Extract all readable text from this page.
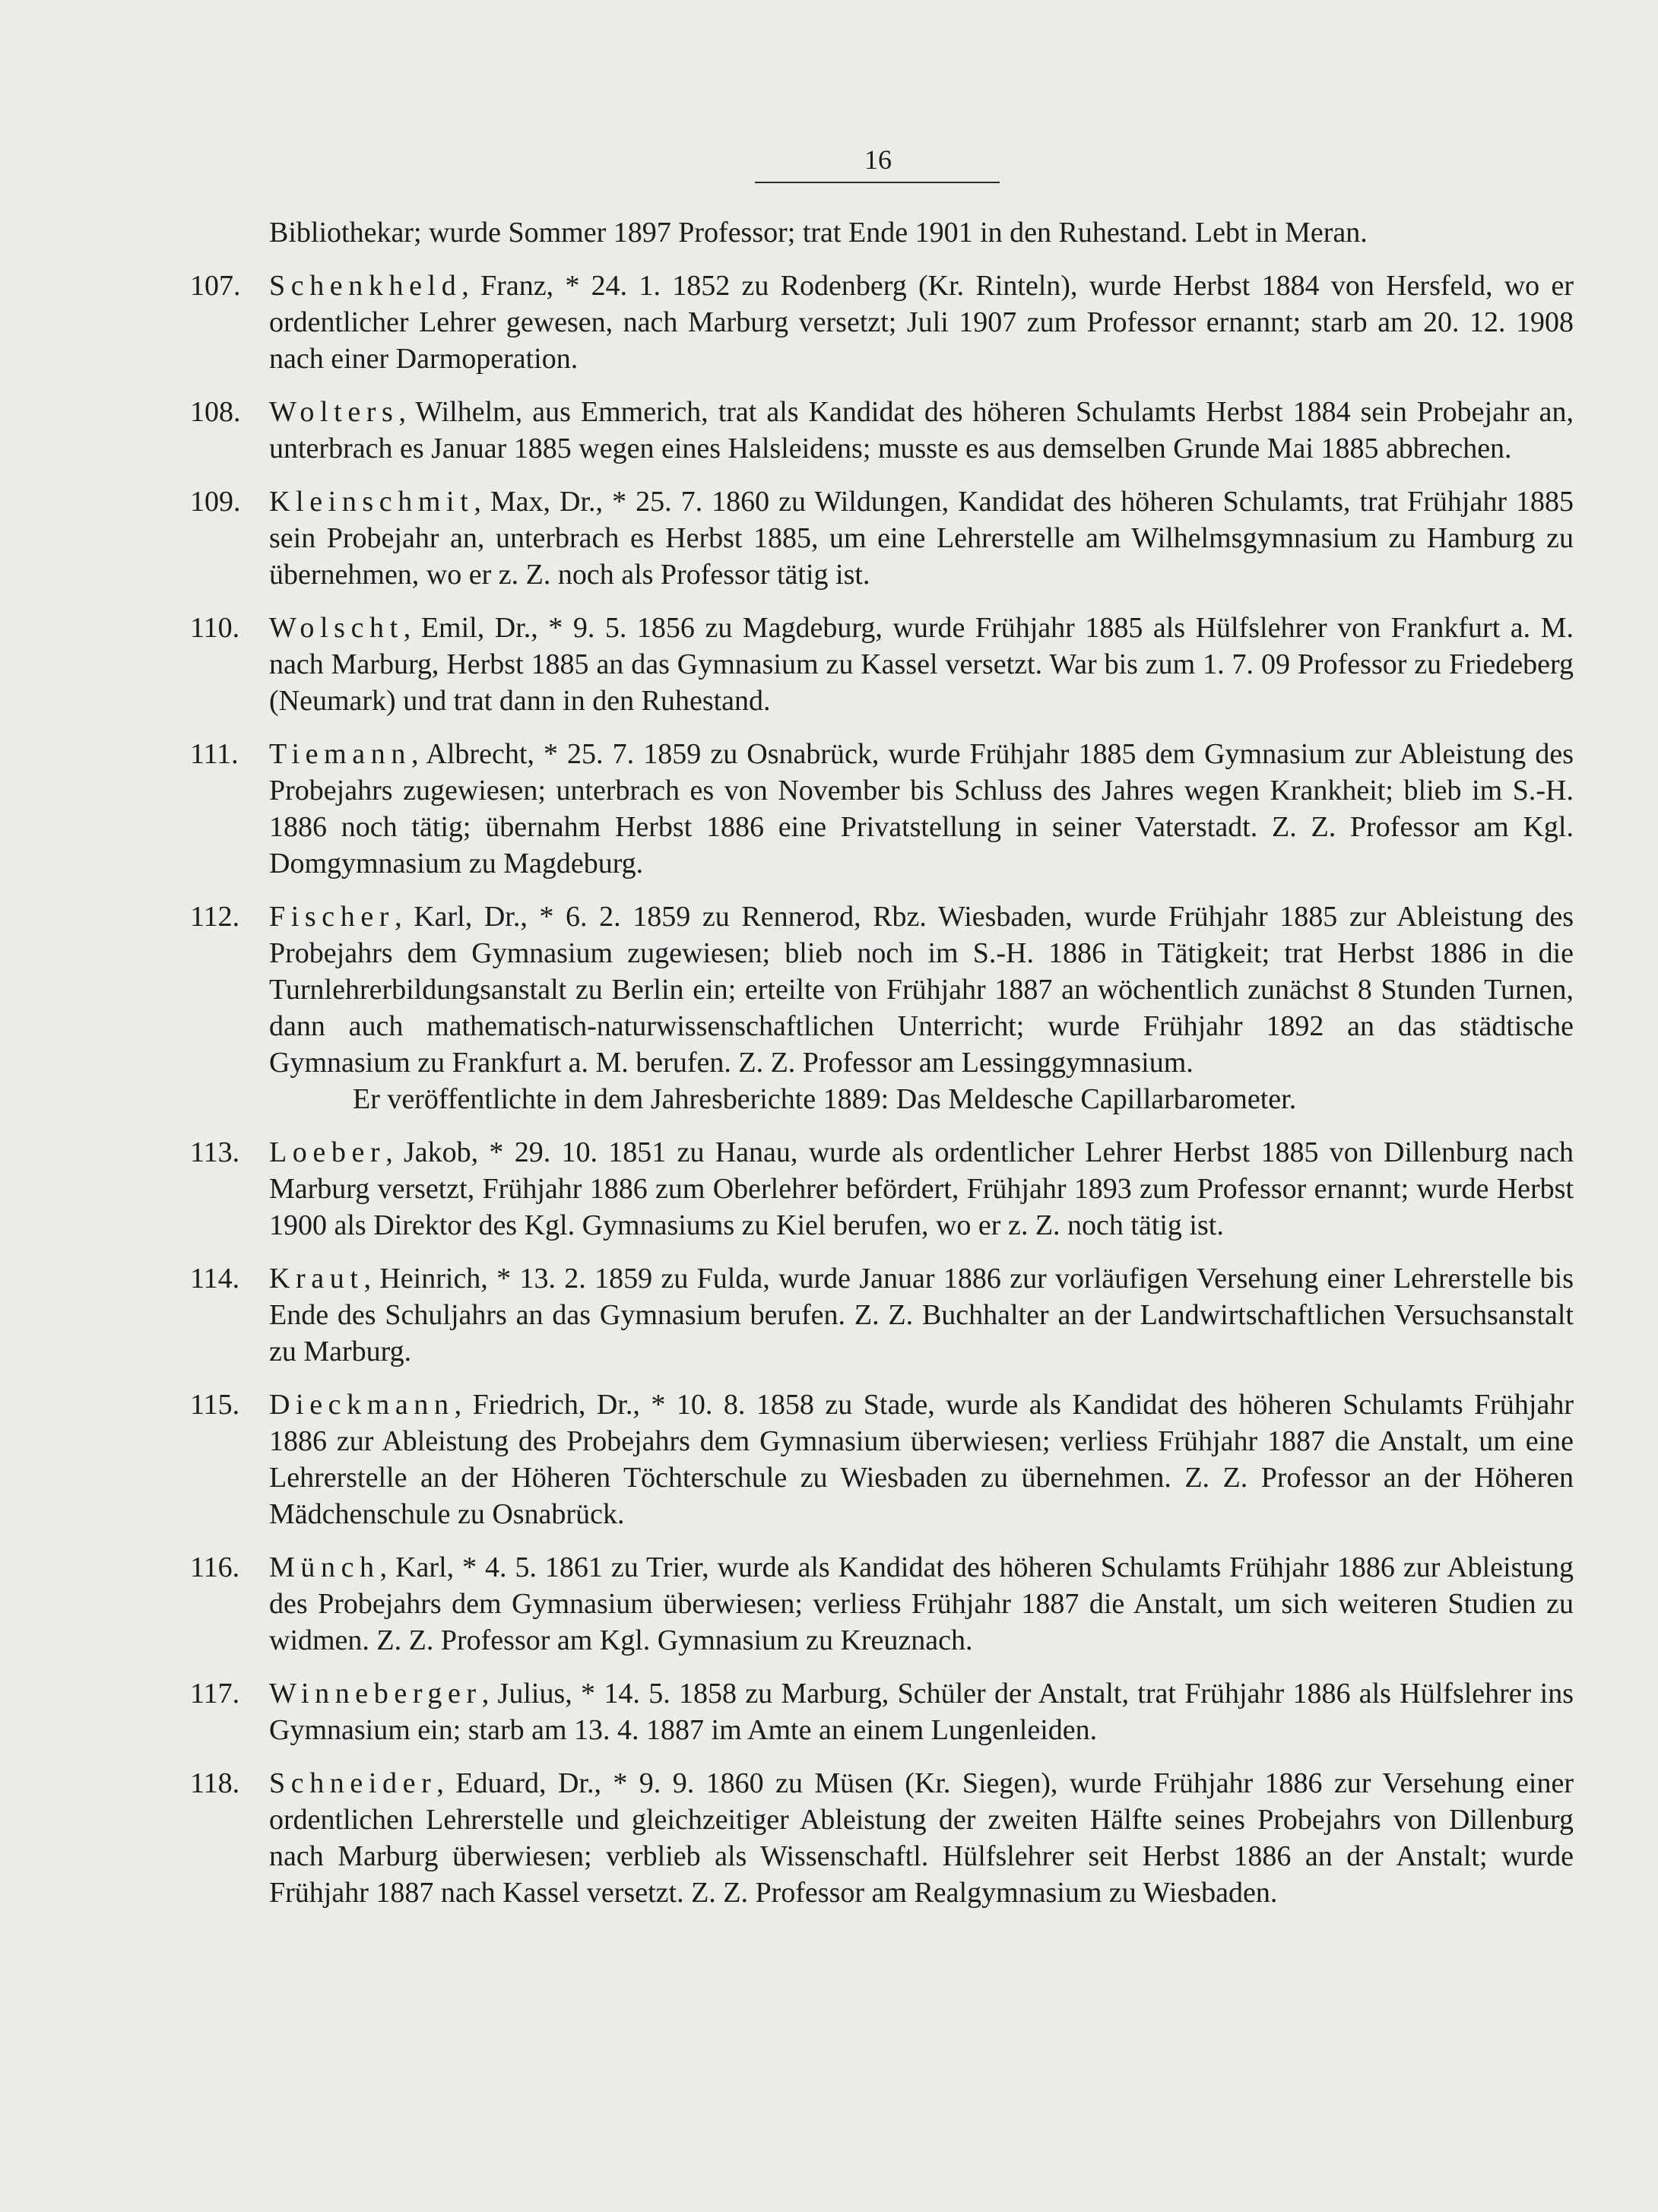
16
Bibliothekar; wurde Sommer 1897 Professor; trat Ende 1901 in den Ruhestand. Lebt in Meran.
107. Schenkheld, Franz, * 24. 1. 1852 zu Rodenberg (Kr. Rinteln), wurde Herbst 1884 von Hersfeld, wo er ordentlicher Lehrer gewesen, nach Marburg versetzt; Juli 1907 zum Professor ernannt; starb am 20. 12. 1908 nach einer Darmoperation.
108. Wolters, Wilhelm, aus Emmerich, trat als Kandidat des höheren Schulamts Herbst 1884 sein Probejahr an, unterbrach es Januar 1885 wegen eines Halsleidens; musste es aus demselben Grunde Mai 1885 abbrechen.
109. Kleinschmit, Max, Dr., * 25. 7. 1860 zu Wildungen, Kandidat des höheren Schulamts, trat Frühjahr 1885 sein Probejahr an, unterbrach es Herbst 1885, um eine Lehrerstelle am Wilhelmsgymnasium zu Hamburg zu übernehmen, wo er z. Z. noch als Professor tätig ist.
110.	Wolscht, Emil, Dr., * 9. 5. 1856 zu Magdeburg, wurde Frühjahr 1885 als Hülfslehrer von Frankfurt a. M. nach Marburg, Herbst 1885 an das Gymnasium zu Kassel versetzt. War bis zum 1. 7. 09 Professor zu Friedeberg (Neumark) und trat dann in den Ruhestand.
111.	Tiemann, Albrecht, * 25. 7. 1859 zu Osnabrück, wurde Frühjahr 1885 dem Gymnasium zur Ableistung des Probejahrs zugewiesen; unterbrach es von November bis Schluss des Jahres wegen Krankheit; blieb im S.-H. 1886 noch tätig; übernahm Herbst 1886 eine Privatstellung in seiner Vaterstadt. Z. Z. Professor am Kgl. Domgymnasium zu Magdeburg.
112.	Fischer, Karl, Dr., * 6. 2. 1859 zu Rennerod, Rbz. Wiesbaden, wurde Frühjahr 1885 zur Ableistung des Probejahrs dem Gymnasium zugewiesen; blieb noch im S.-H. 1886 in Tätigkeit; trat Herbst 1886 in die Turnlehrerbildungsanstalt zu Berlin ein; erteilte von Frühjahr 1887 an wöchentlich zunächst 8 Stunden Turnen, dann auch mathematisch-naturwissenschaftlichen Unterricht; wurde Frühjahr 1892 an das städtische Gymnasium zu Frankfurt a. M. berufen. Z. Z. Professor am Lessinggymnasium.
Er veröffentlichte in dem Jahresberichte 1889: Das Meldesche Capillarbarometer.
113.	Loeber, Jakob, * 29. 10. 1851 zu Hanau, wurde als ordentlicher Lehrer Herbst 1885 von Dillenburg nach Marburg versetzt, Frühjahr 1886 zum Oberlehrer befördert, Frühjahr 1893 zum Professor ernannt; wurde Herbst 1900 als Direktor des Kgl. Gymnasiums zu Kiel berufen, wo er z. Z. noch tätig ist.
114.	Kraut, Heinrich, * 13. 2. 1859 zu Fulda, wurde Januar 1886 zur vorläufigen Versehung einer Lehrerstelle bis Ende des Schuljahrs an das Gymnasium berufen. Z. Z. Buchhalter an der Landwirtschaftlichen Versuchsanstalt zu Marburg.
115.	Dieckmann, Friedrich, Dr., * 10. 8. 1858 zu Stade, wurde als Kandidat des höheren Schulamts Frühjahr 1886 zur Ableistung des Probejahrs dem Gymnasium überwiesen; verliess Frühjahr 1887 die Anstalt, um eine Lehrerstelle an der Höheren Töchterschule zu Wiesbaden zu übernehmen. Z. Z. Professor an der Höheren Mädchenschule zu Osnabrück.
116.	Münch, Karl, * 4. 5. 1861 zu Trier, wurde als Kandidat des höheren Schulamts Frühjahr 1886 zur Ableistung des Probejahrs dem Gymnasium überwiesen; verliess Frühjahr 1887 die Anstalt, um sich weiteren Studien zu widmen. Z. Z. Professor am Kgl. Gymnasium zu Kreuznach.
117.	Winneberger, Julius, * 14. 5. 1858 zu Marburg, Schüler der Anstalt, trat Frühjahr 1886 als Hülfslehrer ins Gymnasium ein; starb am 13. 4. 1887 im Amte an einem Lungenleiden.
118.	Schneider, Eduard, Dr., * 9. 9. 1860 zu Müsen (Kr. Siegen), wurde Frühjahr 1886 zur Versehung einer ordentlichen Lehrerstelle und gleichzeitiger Ableistung der zweiten Hälfte seines Probejahrs von Dillenburg nach Marburg überwiesen; verblieb als Wissenschaftl. Hülfslehrer seit Herbst 1886 an der Anstalt; wurde Frühjahr 1887 nach Kassel versetzt. Z. Z. Professor am Realgymnasium zu Wiesbaden.
